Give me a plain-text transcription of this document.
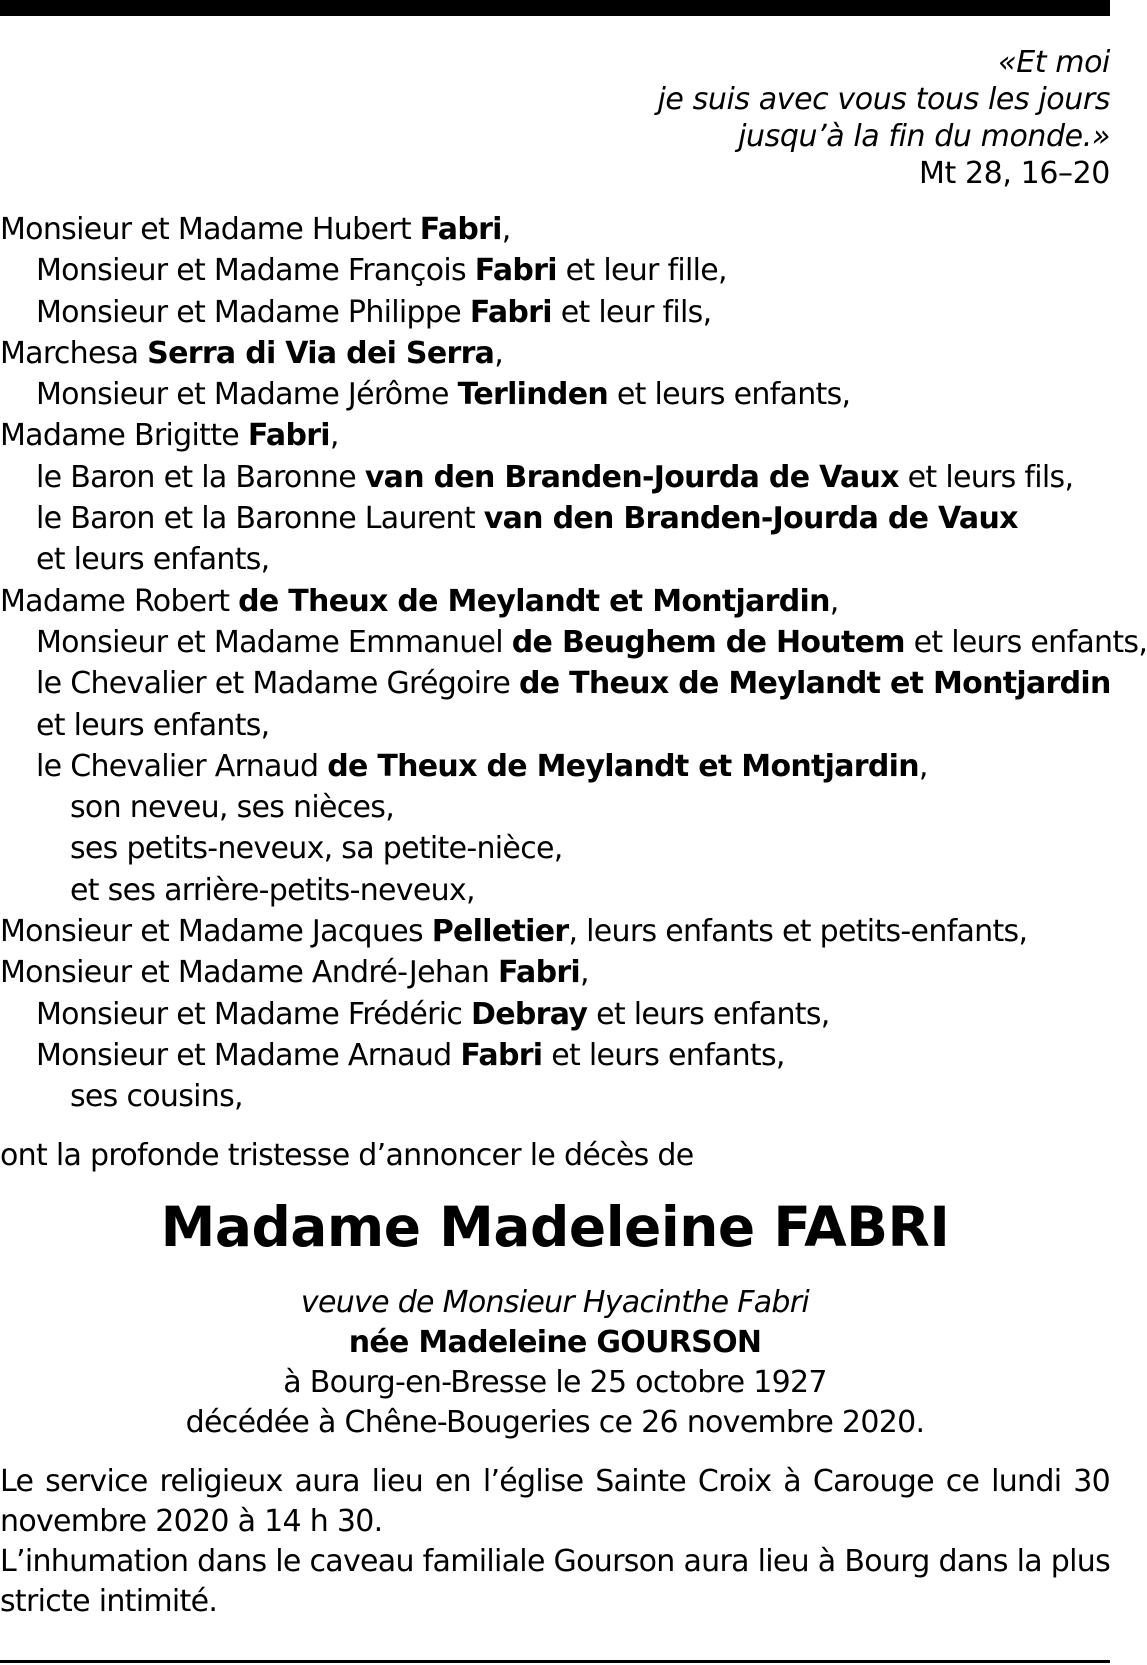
«Et moi
je suis avec vous tous les jours
jusqu’à la fin du monde.»
Mt 28, 16–20
Monsieur et Madame Hubert Fabri,
Monsieur et Madame François Fabri et leur fille,
Monsieur et Madame Philippe Fabri et leur fils,
Marchesa Serra di Via dei Serra,
Monsieur et Madame Jérôme Terlinden et leurs enfants,
Madame Brigitte Fabri,
le Baron et la Baronne van den Branden-Jourda de Vaux et leurs fils,
le Baron et la Baronne Laurent van den Branden-Jourda de Vaux
et leurs enfants,
Madame Robert de Theux de Meylandt et Montjardin,
Monsieur et Madame Emmanuel de Beughem de Houtem et leurs enfants,
le Chevalier et Madame Grégoire de Theux de Meylandt et Montjardin
et leurs enfants,
le Chevalier Arnaud de Theux de Meylandt et Montjardin,
son neveu, ses nièces,
ses petits-neveux, sa petite-nièce,
et ses arrière-petits-neveux,
Monsieur et Madame Jacques Pelletier, leurs enfants et petits-enfants,
Monsieur et Madame André-Jehan Fabri,
Monsieur et Madame Frédéric Debray et leurs enfants,
Monsieur et Madame Arnaud Fabri et leurs enfants,
ses cousins,
ont la profonde tristesse d’annoncer le décès de
Madame Madeleine FABRI
veuve de Monsieur Hyacinthe Fabri
née Madeleine GOURSON
à Bourg-en-Bresse le 25 octobre 1927
décédée à Chêne-Bougeries ce 26 novembre 2020.
Le service religieux aura lieu en l’église Sainte Croix à Carouge ce lundi 30 novembre 2020 à 14 h 30.
L’inhumation dans le caveau familiale Gourson aura lieu à Bourg dans la plus stricte intimité.
